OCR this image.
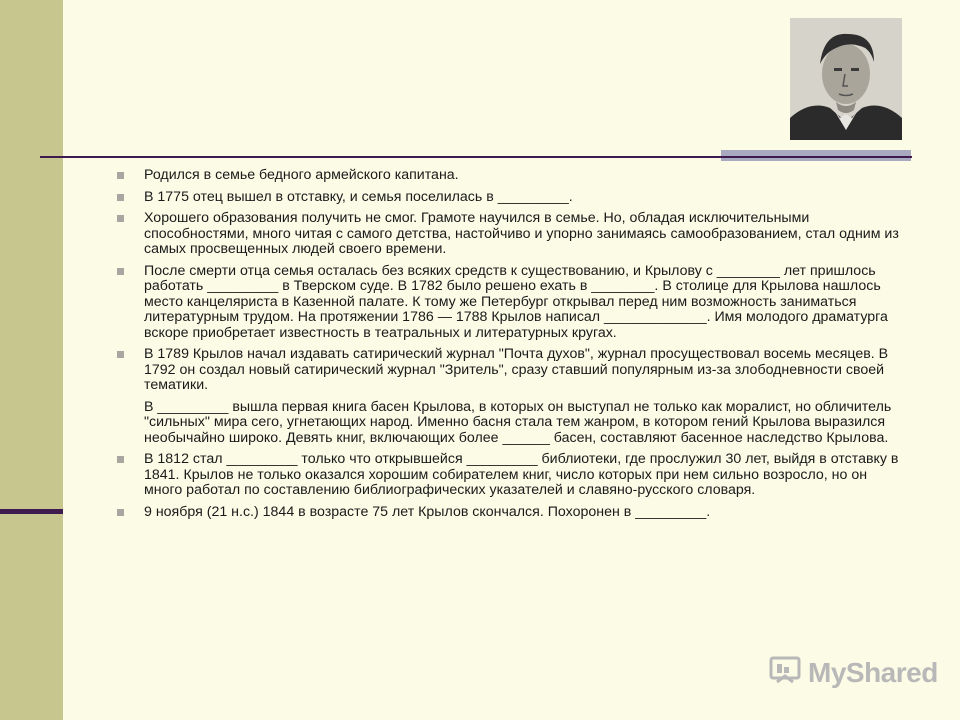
Родился в семье бедного армейского капитана.
В 1775 отец вышел в отставку, и семья поселилась в _________.
Хорошего образования получить не смог. Грамоте научился в семье. Но, обладая исключительными способностями, много читая с самого детства, настойчиво и упорно занимаясь самообразованием, стал одним из самых просвещенных людей своего времени.
После смерти отца семья осталась без всяких средств к существованию, и Крылову с ________ лет пришлось работать _________ в Тверском суде. В 1782 было решено ехать в ________. В столице для Крылова нашлось место канцеляриста в Казенной палате. К тому же Петербург открывал перед ним возможность заниматься литературным трудом. На протяжении 1786 — 1788 Крылов написал _____________. Имя молодого драматурга вскоре приобретает известность в театральных и литературных кругах.
В 1789 Крылов начал издавать сатирический журнал "Почта духов", журнал просуществовал восемь месяцев. В 1792 он создал новый сатирический журнал "Зритель", сразу ставший популярным из-за злободневности своей тематики.
В _________ вышла первая книга басен Крылова, в которых он выступал не только как моралист, но обличитель "сильных" мира сего, угнетающих народ. Именно басня стала тем жанром, в котором гений Крылова выразился необычайно широко. Девять книг, включающих более ______ басен, составляют басенное наследство Крылова.
В 1812 стал _________ только что открывшейся _________ библиотеки, где прослужил 30 лет, выйдя в отставку в 1841. Крылов не только оказался хорошим собирателем книг, число которых при нем сильно возросло, но он много работал по составлению библиографических указателей и славяно-русского словаря.
9 ноября (21 н.с.) 1844 в возрасте 75 лет Крылов скончался. Похоронен в _________.
MyShared
